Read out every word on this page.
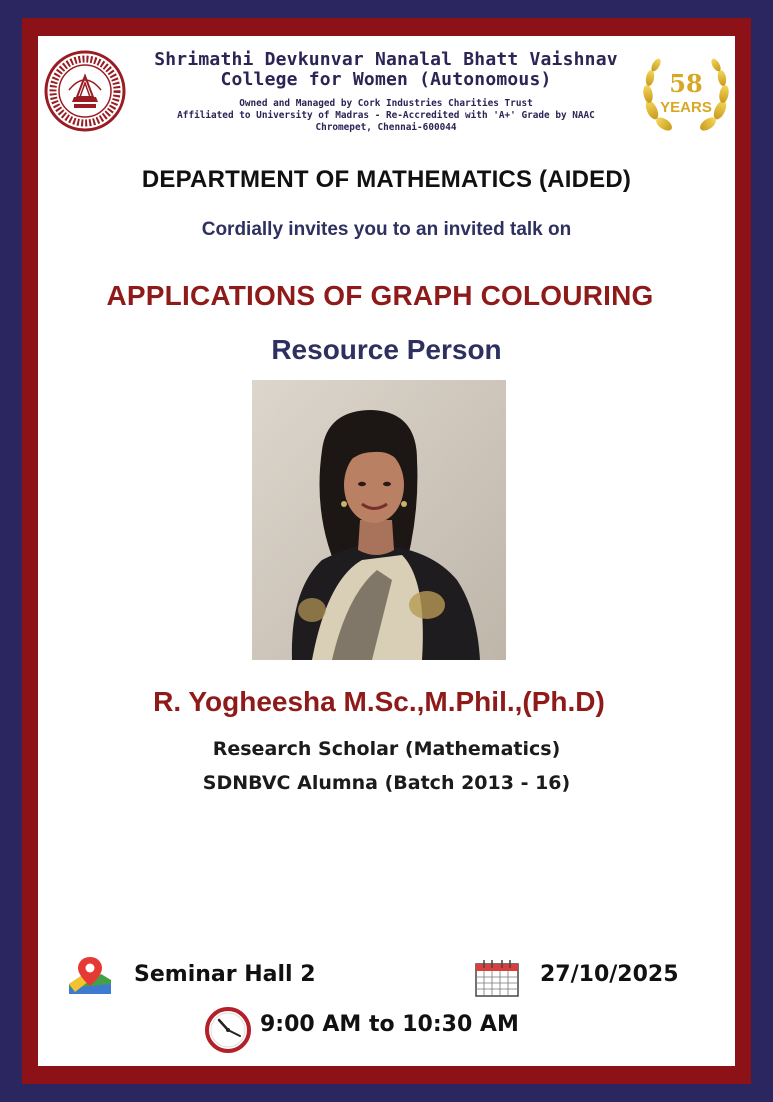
Shrimathi Devkunvar Nanalal Bhatt Vaishnav
College for Women (Autonomous)
Owned and Managed by Cork Industries Charities Trust
Affiliated to University of Madras - Re-Accredited with 'A+' Grade by NAAC
Chromepet, Chennai-600044
58
YEARS
DEPARTMENT OF MATHEMATICS (AIDED)
Cordially invites you to an invited talk on
APPLICATIONS OF GRAPH COLOURING
Resource Person
R. Yogheesha M.Sc.,M.Phil.,(Ph.D)
Research Scholar (Mathematics)
SDNBVC Alumna (Batch 2013 - 16)
Seminar Hall 2	27/10/2025
9:00 AM to 10:30 AM
